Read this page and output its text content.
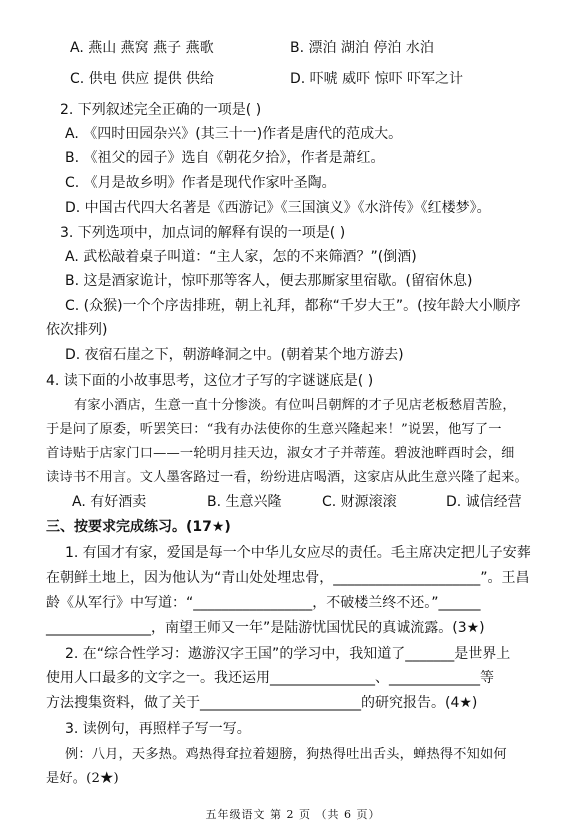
A. 燕山 燕窝 燕子 燕歌	B. 漂泊 湖泊 停泊 水泊
C. 供电 供应 提供 供给	D. 吓唬 威吓 惊吓 吓军之计
2. 下列叙述完全正确的一项是( )
A. 《四时田园杂兴》(其三十一)作者是唐代的范成大。
B. 《祖父的园子》选自《朝花夕拾》，作者是萧红。
C. 《月是故乡明》作者是现代作家叶圣陶。
D. 中国古代四大名著是《西游记》《三国演义》《水浒传》《红楼梦》。
3. 下列选项中，加点词的解释有误的一项是( )
A. 武松敲着桌子叫道：“主人家，怎的不来筛酒？”(倒酒)
B. 这是酒家诡计，惊吓那等客人，便去那厮家里宿歇。(留宿休息)
C. (众猴)一个个序齿排班，朝上礼拜，都称“千岁大王”。(按年龄大小顺序
依次排列)
D. 夜宿石崖之下，朝游峰洞之中。(朝着某个地方游去)
4. 读下面的小故事思考，这位才子写的字谜谜底是( )
有家小酒店，生意一直十分惨淡。有位叫吕朝辉的才子见店老板愁眉苦脸，
于是问了原委，听罢笑曰：“我有办法使你的生意兴隆起来！”说罢，他写了一
首诗贴于店家门口——一轮明月挂天边，淑女才子并蒂莲。碧波池畔酉时会，细
读诗书不用言。文人墨客路过一看，纷纷进店喝酒，这家店从此生意兴隆了起来。
A. 有好酒卖	B. 生意兴隆	C. 财源滚滚	D. 诚信经营
三、按要求完成练习。(17★)
1. 有国才有家，爱国是每一个中华儿女应尽的责任。毛主席决定把儿子安葬
在朝鲜土地上，因为他认为“青山处处埋忠骨，_____________________”。王昌
龄《从军行》中写道：“_________________，不破楼兰终不还。”______
_______________，南望王师又一年”是陆游忧国忧民的真诚流露。(3★)
2. 在“综合性学习：遨游汉字王国”的学习中，我知道了_______是世界上
使用人口最多的文字之一。我还运用_______________、_____________等
方法搜集资料，做了关于_______________________的研究报告。(4★)
3. 读例句，再照样子写一写。
例：八月，天多热。鸡热得耷拉着翅膀，狗热得吐出舌头，蝉热得不知如何
是好。(2★)
五年级语文 第 2 页 （共 6 页）
